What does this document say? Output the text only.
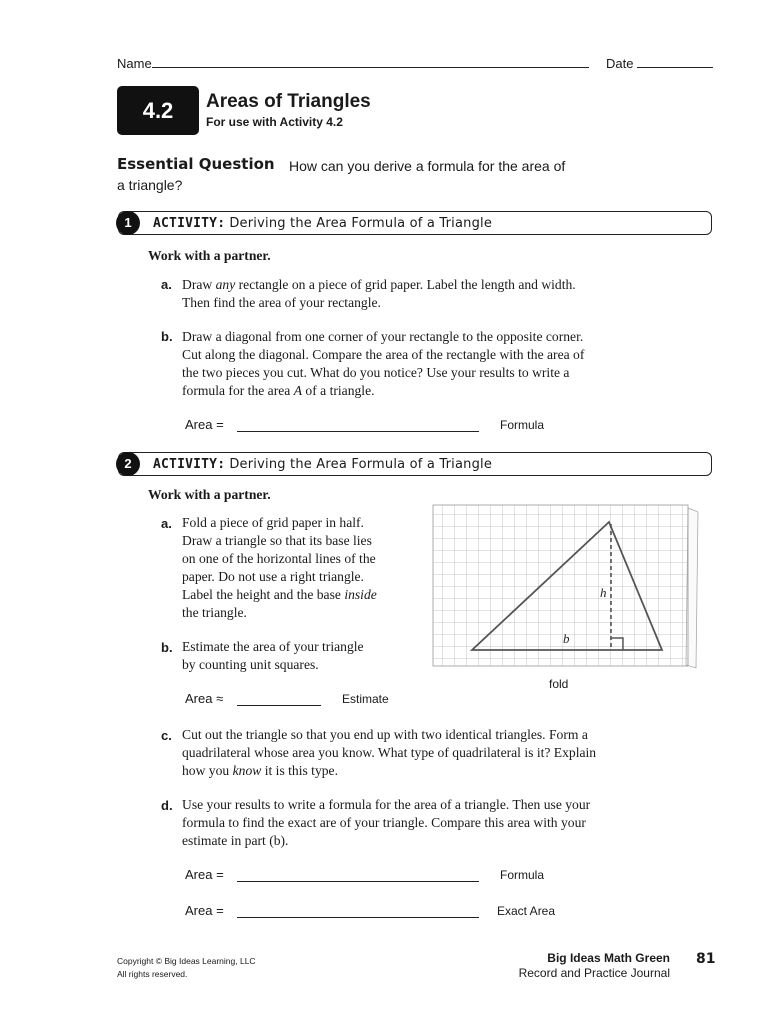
Name	Date
4.2	Areas of Triangles
For use with Activity 4.2
Essential Question How can you derive a formula for the area of
a triangle?
1	ACTIVITY: Deriving the Area Formula of a Triangle
Work with a partner.
a. Draw any rectangle on a piece of grid paper. Label the length and width.
Then find the area of your rectangle.
b. Draw a diagonal from one corner of your rectangle to the opposite corner.
Cut along the diagonal. Compare the area of the rectangle with the area of
the two pieces you cut. What do you notice? Use your results to write a
formula for the area A of a triangle.
Area =	Formula
2	ACTIVITY: Deriving the Area Formula of a Triangle
Work with a partner.
a. Fold a piece of grid paper in half.
Draw a triangle so that its base lies
on one of the horizontal lines of the
paper. Do not use a right triangle.
Label the height and the base inside
the triangle.
b. Estimate the area of your triangle
by counting unit squares.
Area ≈	Estimate
h
b
fold
c. Cut out the triangle so that you end up with two identical triangles. Form a
quadrilateral whose area you know. What type of quadrilateral is it? Explain
how you know it is this type.
d. Use your results to write a formula for the area of a triangle. Then use your
formula to find the exact are of your triangle. Compare this area with your
estimate in part (b).
Area =	Formula
Area =	Exact Area
Copyright © Big Ideas Learning, LLC
All rights reserved.
Big Ideas Math Green
Record and Practice Journal
81
